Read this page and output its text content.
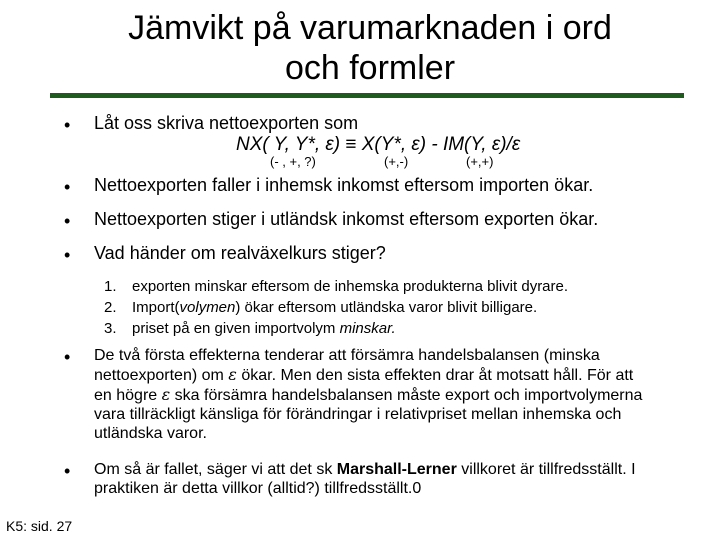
Jämvikt på varumarknaden i ord
och formler
• Låt oss skriva nettoexporten som
NX( Y, Y*, ε) ≡ X(Y*, ε) - IM(Y, ε)/ε
(- , +, ?)	(+,-)	(+,+)
• Nettoexporten faller i inhemsk inkomst eftersom importen ökar.
• Nettoexporten stiger i utländsk inkomst eftersom exporten ökar.
• Vad händer om realväxelkurs stiger?
1. exporten minskar eftersom de inhemska produkterna blivit dyrare.
2. Import(volymen) ökar eftersom utländska varor blivit billigare.
3. priset på en given importvolym minskar.
• De två första effekterna tenderar att försämra handelsbalansen (minska
nettoexporten) om ε ökar. Men den sista effekten drar åt motsatt håll. För att
en högre ε ska försämra handelsbalansen måste export och importvolymerna
vara tillräckligt känsliga för förändringar i relativpriset mellan inhemska och
utländska varor.
• Om så är fallet, säger vi att det sk Marshall-Lerner villkoret är tillfredsställt. I
praktiken är detta villkor (alltid?) tillfredsställt.0
K5: sid. 27
